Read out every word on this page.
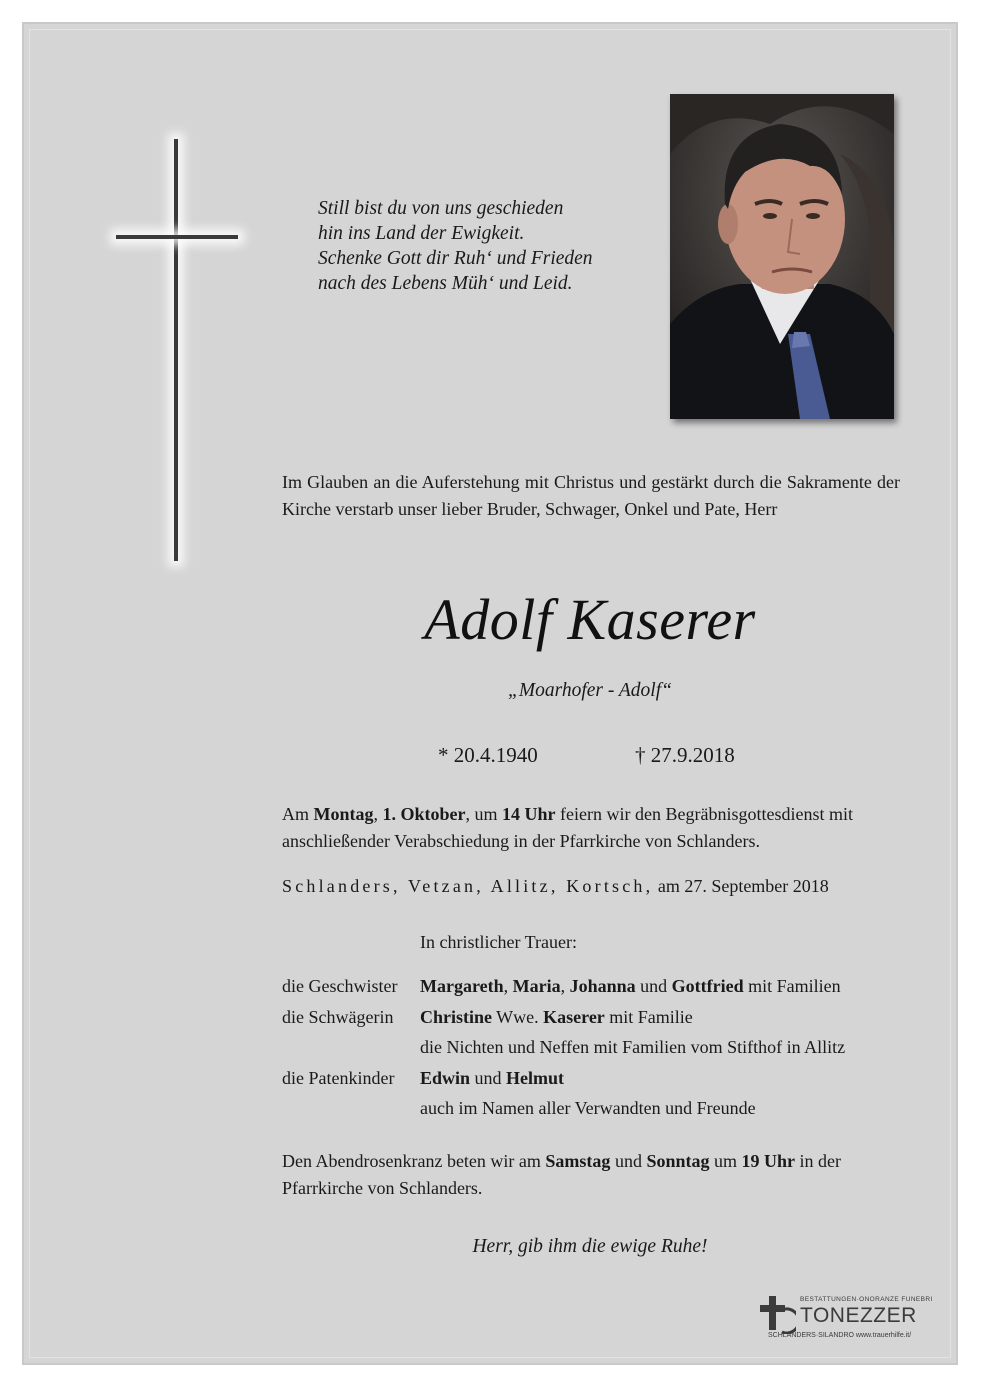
Still bist du von uns geschieden
hin ins Land der Ewigkeit.
Schenke Gott dir Ruh‘ und Frieden
nach des Lebens Müh‘ und Leid.
Im Glauben an die Auferstehung mit Christus und gestärkt durch die Sakramente der Kirche verstarb unser lieber Bruder, Schwager, Onkel und Pate, Herr
Adolf Kaserer
„Moarhofer - Adolf“
* 20.4.1940	† 27.9.2018
Am Montag, 1. Oktober, um 14 Uhr feiern wir den Begräbnisgottesdienst mit anschließender Verabschiedung in der Pfarrkirche von Schlanders.
Schlanders, Vetzan, Allitz, Kortsch, am 27. September 2018
In christlicher Trauer:
die Geschwister Margareth, Maria, Johanna und Gottfried mit Familien
die Schwägerin Christine Wwe. Kaserer mit Familie
die Nichten und Neffen mit Familien vom Stifthof in Allitz
die Patenkinder Edwin und Helmut
auch im Namen aller Verwandten und Freunde
Den Abendrosenkranz beten wir am Samstag und Sonntag um 19 Uhr in der Pfarrkirche von Schlanders.
Herr, gib ihm die ewige Ruhe!
BESTATTUNGEN·ONORANZE FUNEBRI
TONEZZER
SCHLANDERS·SILANDRO www.trauerhilfe.it/
